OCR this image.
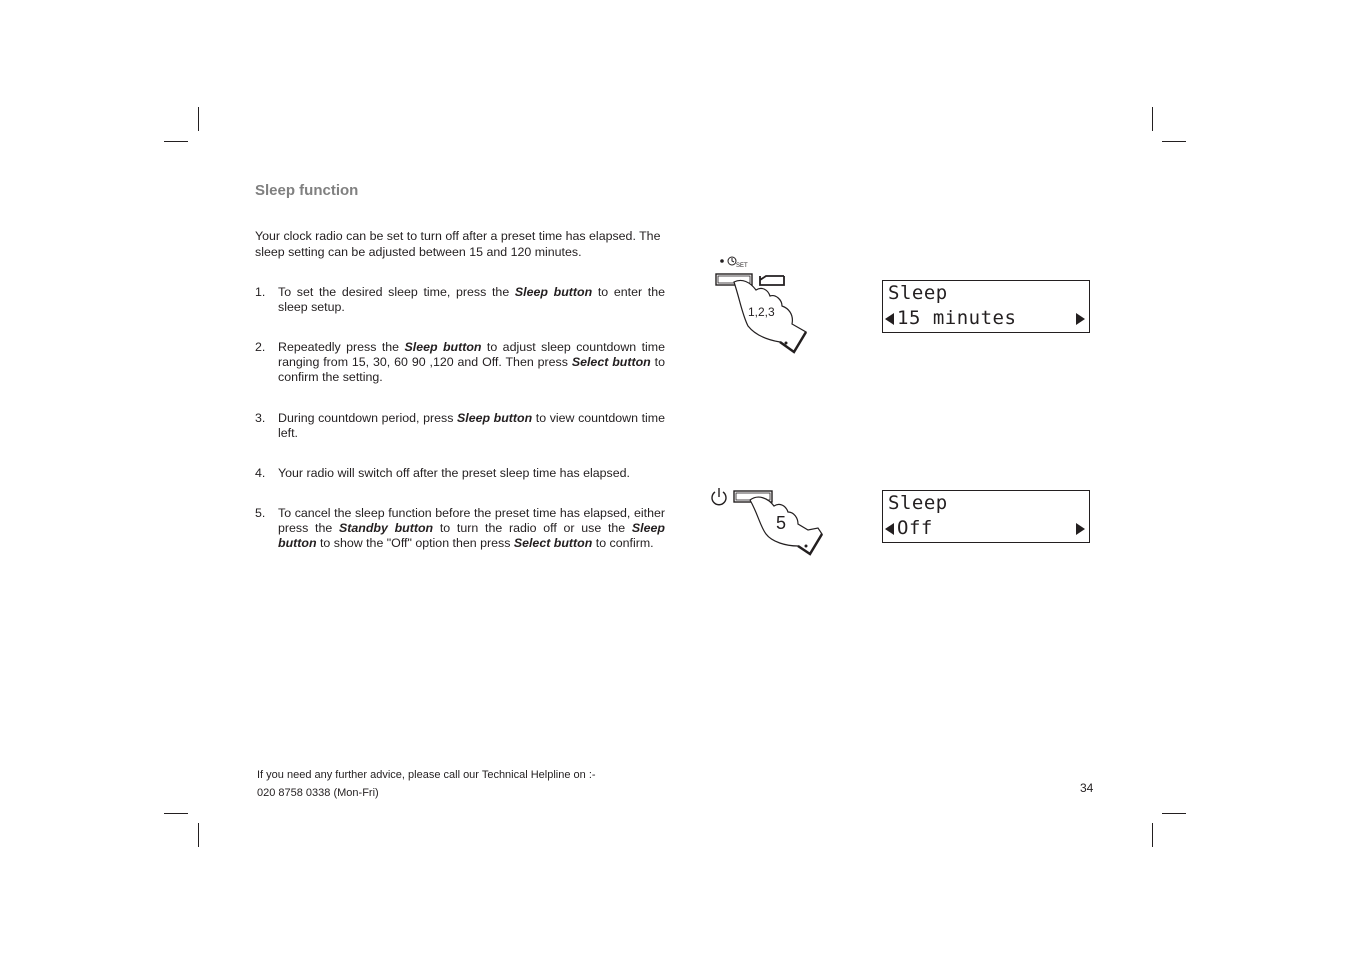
Sleep function
Your clock radio can be set to turn off after a preset time has elapsed. The sleep setting can be adjusted between 15 and 120 minutes.
1. To set the desired sleep time, press the Sleep button to enter the sleep setup.
2. Repeatedly press the Sleep button to adjust sleep countdown time ranging from 15, 30, 60 90 ,120 and Off. Then press Select button to confirm the setting.
3. During countdown period, press Sleep button to view countdown time left.
4. Your radio will switch off after the preset sleep time has elapsed.
5. To cancel the sleep function before the preset time has elapsed, either press the Standby button to turn the radio off or use the Sleep button to show the "Off" option then press Select button to confirm.
SET
1,2,3
5
Sleep
15 minutes
Sleep
Off
If you need any further advice, please call our Technical Helpline on :-
020 8758 0338 (Mon-Fri)	34
